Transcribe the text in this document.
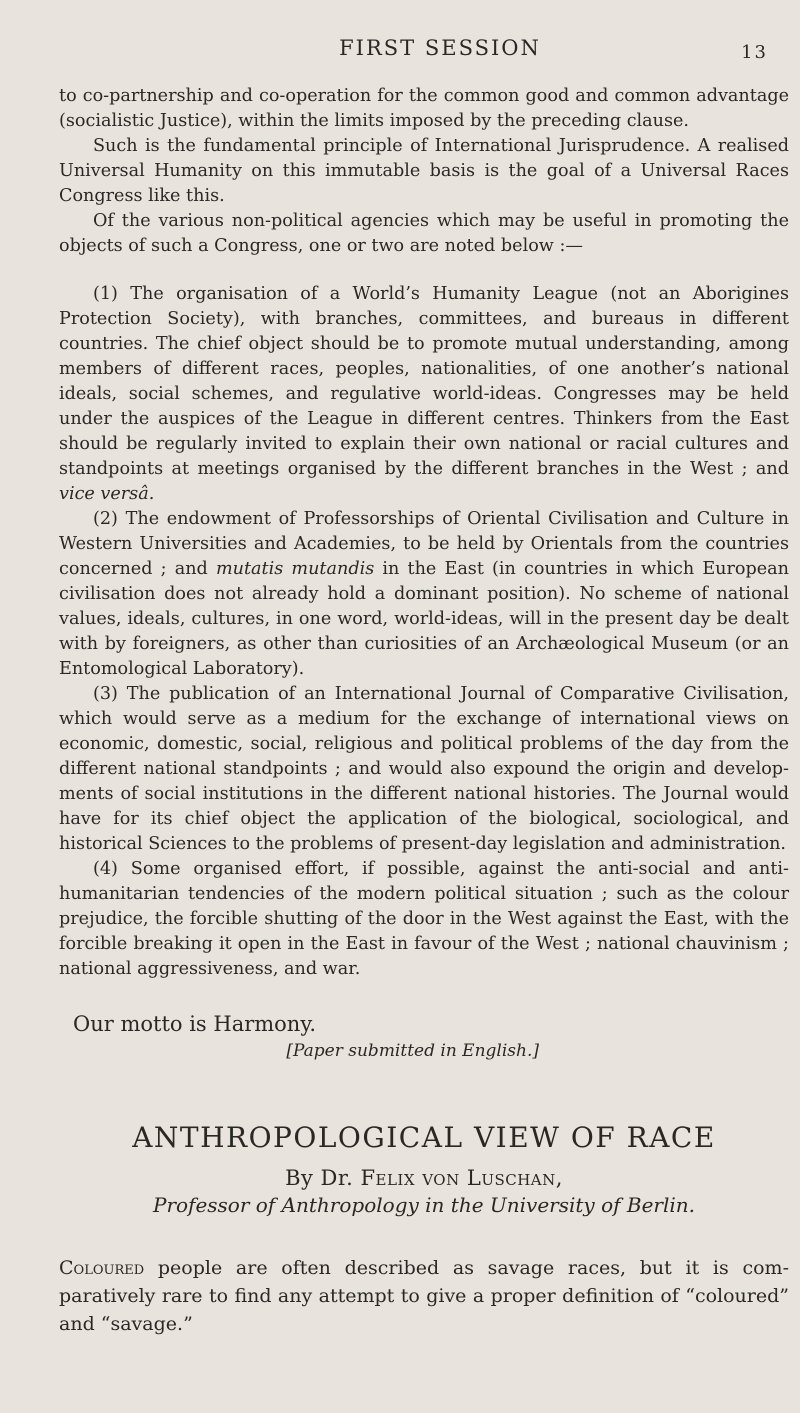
FIRST SESSION	13

to co-partnership and co-operation for the common good and common advantage (socialistic Justice), within the limits imposed by the preceding clause.

Such is the fundamental principle of International Jurisprudence. A realised Universal Humanity on this immutable basis is the goal of a Universal Races Congress like this.

Of the various non-political agencies which may be useful in promoting the objects of such a Congress, one or two are noted below :—

(1) The organisation of a World’s Humanity League (not an Aborigines Protection Society), with branches, committees, and bureaus in different countries. The chief object should be to promote mutual understanding, among members of different races, peoples, nationalities, of one another’s national ideals, social schemes, and regulative world-ideas. Congresses may be held under the auspices of the League in different centres. Thinkers from the East should be regularly invited to explain their own national or racial cultures and standpoints at meetings organised by the different branches in the West ; and vice versâ.

(2) The endowment of Professorships of Oriental Civilisation and Culture in Western Universities and Academies, to be held by Orientals from the countries concerned ; and mutatis mutandis in the East (in countries in which European civilisation does not already hold a dominant position). No scheme of national values, ideals, cultures, in one word, world-ideas, will in the present day be dealt with by foreigners, as other than curiosities of an Archæological Museum (or an Entomological Laboratory).

(3) The publication of an International Journal of Comparative Civilisation, which would serve as a medium for the exchange of international views on economic, domestic, social, religious and political problems of the day from the different national standpoints ; and would also expound the origin and develop-ments of social institutions in the different national histories. The Journal would have for its chief object the application of the biological, sociological, and historical Sciences to the problems of present-day legislation and administration.

(4) Some organised effort, if possible, against the anti-social and anti-humanitarian tendencies of the modern political situation ; such as the colour prejudice, the forcible shutting of the door in the West against the East, with the forcible breaking it open in the East in favour of the West ; national chauvinism ; national aggressiveness, and war.

Our motto is Harmony.

[Paper submitted in English.]

ANTHROPOLOGICAL VIEW OF RACE

By Dr. Felix von Luschan,

Professor of Anthropology in the University of Berlin.

Coloured people are often described as savage races, but it is com-paratively rare to find any attempt to give a proper definition of “coloured” and “savage.”
